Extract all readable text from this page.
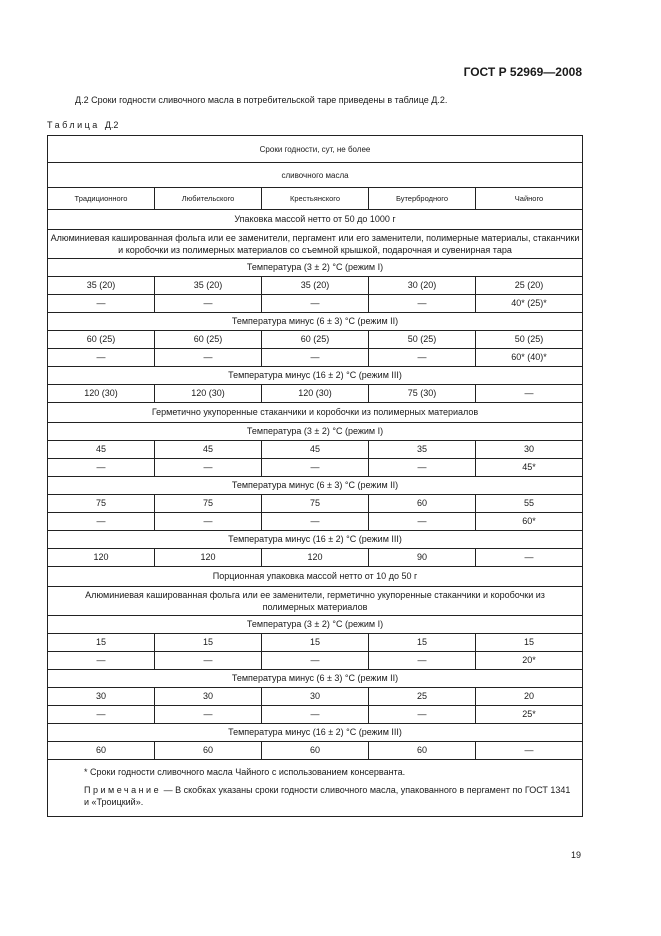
ГОСТ Р 52969—2008
Д.2 Сроки годности сливочного масла в потребительской таре приведены в таблице Д.2.
Таблица Д.2
Сроки годности, сут, не более				
сливочного масла				
Традиционного	Любительского	Крестьянского	Бутербродного	Чайного
Упаковка массой нетто от 50 до 1000 г				
Алюминиевая кашированная фольга или ее заменители, пергамент или его заменители, полимерные материалы, стаканчики и коробочки из полимерных материалов со съемной крышкой, подарочная и сувенирная тара				
Температура (3 ± 2) °С (режим I)				
35 (20)	35 (20)	35 (20)	30 (20)	25 (20)
—	—	—	—	40* (25)*
Температура минус (6 ± 3) °С (режим II)				
60 (25)	60 (25)	60 (25)	50 (25)	50 (25)
—	—	—	—	60* (40)*
Температура минус (16 ± 2) °С (режим III)				
120 (30)	120 (30)	120 (30)	75 (30)	—
Герметично укупоренные стаканчики и коробочки из полимерных материалов				
Температура (3 ± 2) °С (режим I)				
45	45	45	35	30
—	—	—	—	45*
Температура минус (6 ± 3) °С (режим II)				
75	75	75	60	55
—	—	—	—	60*
Температура минус (16 ± 2) °С (режим III)				
120	120	120	90	—
Порционная упаковка массой нетто от 10 до 50 г				
Алюминиевая кашированная фольга или ее заменители, герметично укупоренные стаканчики и коробочки из полимерных материалов				
Температура (3 ± 2) °С (режим I)				
15	15	15	15	15
—	—	—	—	20*
Температура минус (6 ± 3) °С (режим II)				
30	30	30	25	20
—	—	—	—	25*
Температура минус (16 ± 2) °С (режим III)				
60	60	60	60	—

* Сроки годности сливочного масла Чайного с использованием консерванта.
Примечание — В скобках указаны сроки годности сливочного масла, упакованного в пергамент по ГОСТ 1341 и «Троицкий».				
19
